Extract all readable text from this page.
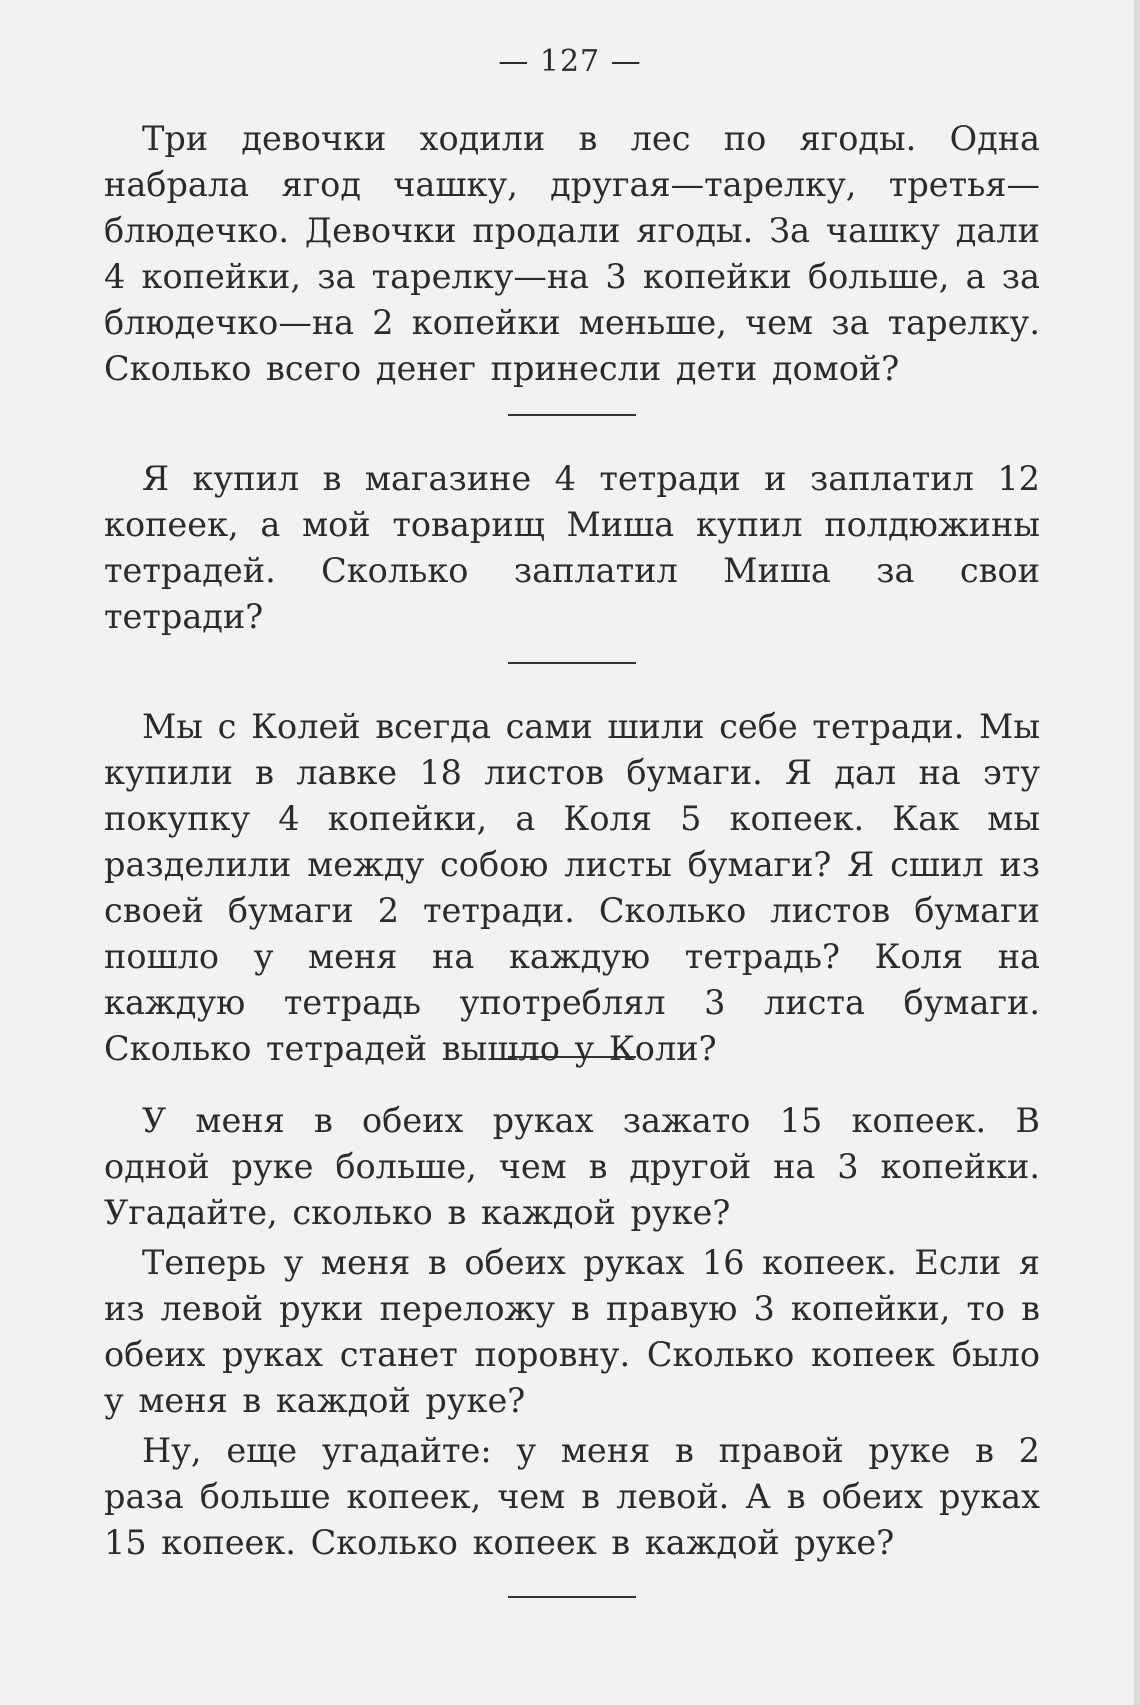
— 127 —

Три девочки ходили в лес по ягоды. Одна набрала ягод чашку, другая—тарелку, третья—блюдечко. Девочки продали ягоды. За чашку дали 4 копейки, за тарелку—на 3 копейки больше, а за блюдечко—на 2 копейки меньше, чем за тарелку. Сколько всего денег принесли дети домой?

Я купил в магазине 4 тетради и заплатил 12 копеек, а мой товарищ Миша купил полдюжины тетрадей. Сколько заплатил Миша за свои тетради?

Мы с Колей всегда сами шили себе тетради. Мы купили в лавке 18 листов бумаги. Я дал на эту покупку 4 копейки, а Коля 5 копеек. Как мы разделили между собою листы бумаги? Я сшил из своей бумаги 2 тетради. Сколько листов бумаги пошло у меня на каждую тетрадь? Коля на каждую тетрадь употреблял 3 листа бумаги. Сколько тетрадей вышло у Коли?

У меня в обеих руках зажато 15 копеек. В одной руке больше, чем в другой на 3 копейки. Угадайте, сколько в каждой руке?

Теперь у меня в обеих руках 16 копеек. Если я из левой руки переложу в правую 3 копейки, то в обеих руках станет поровну. Сколько копеек было у меня в каждой руке?

Ну, еще угадайте: у меня в правой руке в 2 раза больше копеек, чем в левой. А в обеих руках 15 копеек. Сколько копеек в каждой руке?
